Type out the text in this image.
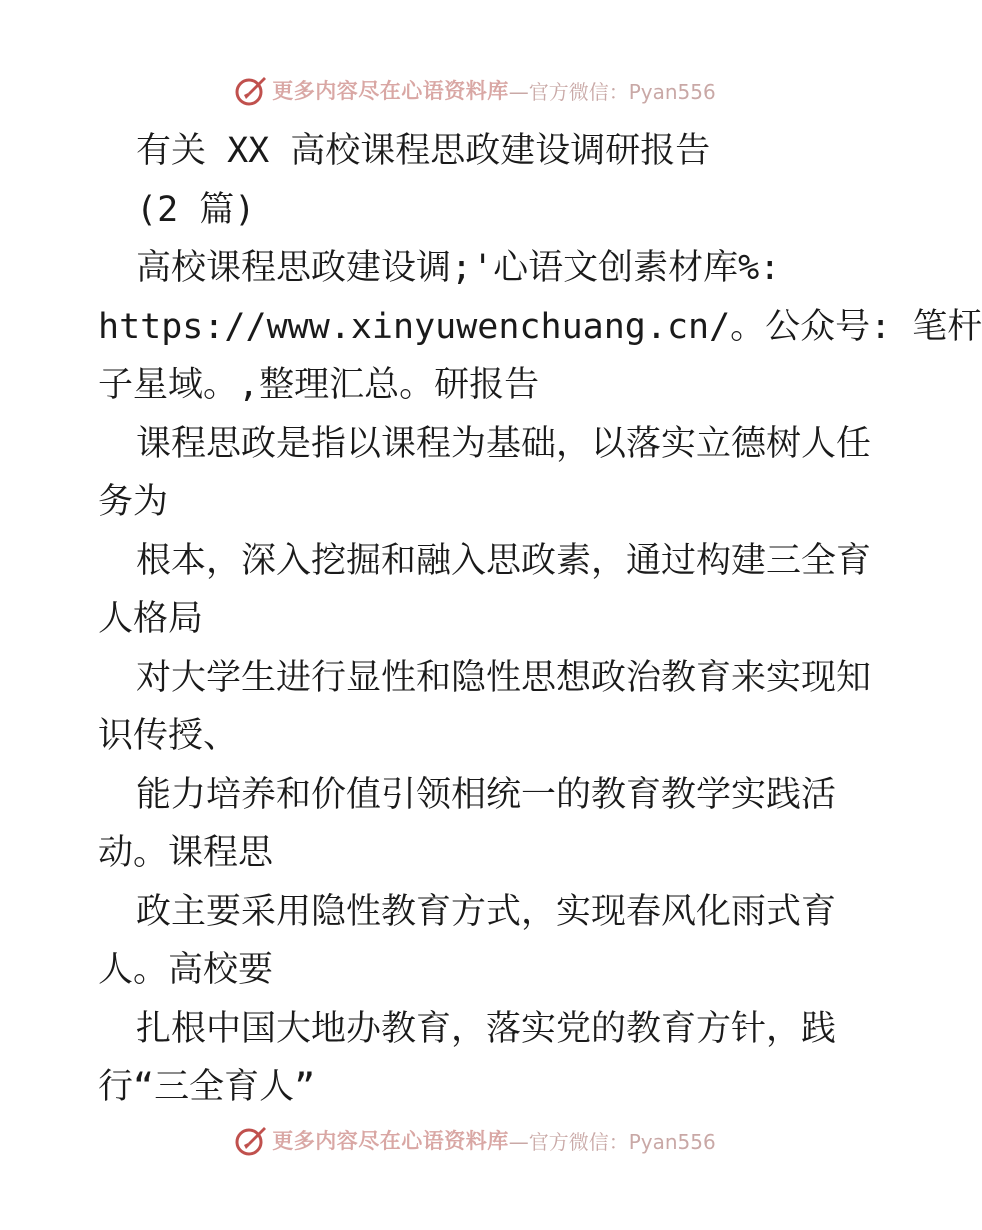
更多内容尽在心语资料库 —官方微信：Pyan556
有关 XX 高校课程思政建设调研报告
(2 篇)
高校课程思政建设调;'心语文创素材库%:
https://www.xinyuwenchuang.cn/。公众号: 笔杆
子星域。,整理汇总。研报告
课程思政是指以课程为基础，以落实立德树人任
务为
根本，深入挖掘和融入思政素，通过构建三全育
人格局
对大学生进行显性和隐性思想政治教育来实现知
识传授、
能力培养和价值引领相统一的教育教学实践活
动。课程思
政主要采用隐性教育方式，实现春风化雨式育
人。高校要
扎根中国大地办教育，落实党的教育方针，践
行“三全育人”
更多内容尽在心语资料库 —官方微信：Pyan556
